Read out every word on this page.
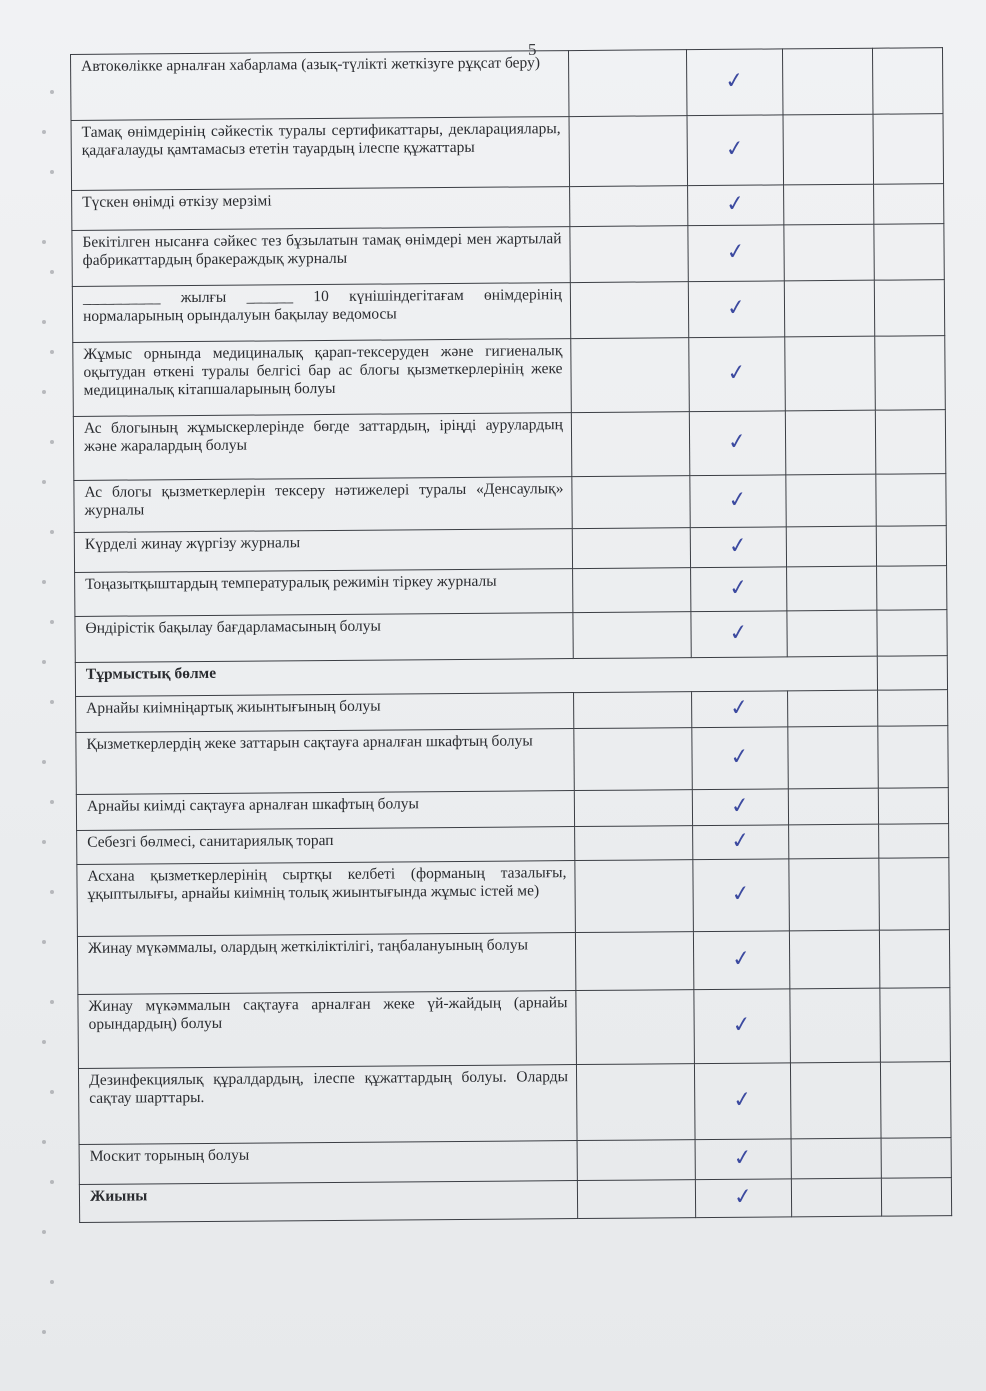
5
Автокөлікке арналған хабарлама (азық-түлікті жеткізуге рұқсат беру)		✓		
Тамақ өнімдерінің сәйкестік туралы сертификаттары, декларациялары, қадағалауды қамтамасыз ететін тауардың ілеспе құжаттары		✓		
Түскен өнімді өткізу мерзімі		✓		
Бекітілген нысанға сәйкес тез бұзылатын тамақ өнімдері мен жартылай фабрикаттардың бракераждық журналы		✓		
__________ жылғы ______ 10 күнішіндегітағам өнімдерінің нормаларының орындалуын бақылау ведомосы		✓		
Жұмыс орнында медициналық қарап-тексеруден және гигиеналық оқытудан өткені туралы белгісі бар ас блогы қызметкерлерінің жеке медициналық кітапшаларының болуы		✓		
Ас блогының жұмыскерлерінде бөгде заттардың, іріңді аурулардың және жаралардың болуы		✓		
Ас блогы қызметкерлерін тексеру нәтижелері туралы «Денсаулық» журналы		✓		
Күрделі жинау жүргізу журналы		✓		
Тоңазытқыштардың температуралық режимін тіркеу журналы		✓		
Өндірістік бақылау бағдарламасының болуы		✓		
Тұрмыстық бөлме				
Арнайы киімніңартық жиынтығының болуы		✓		
Қызметкерлердің жеке заттарын сақтауға арналған шкафтың болуы		✓		
Арнайы киімді сақтауға арналған шкафтың болуы		✓		
Себезгі бөлмесі, санитариялық торап		✓		
Асхана қызметкерлерінің сыртқы келбеті (форманың тазалығы, ұқыптылығы, арнайы киімнің толық жиынтығында жұмыс істей ме)		✓		
Жинау мүкәммалы, олардың жеткіліктілігі, таңбалануының болуы		✓		
Жинау мүкәммалын сақтауға арналған жеке үй-жайдың (арнайы орындардың) болуы		✓		
Дезинфекциялық құралдардың, ілеспе құжаттардың болуы. Оларды сақтау шарттары.		✓		
Москит торының болуы		✓		
Жиыны		✓		
